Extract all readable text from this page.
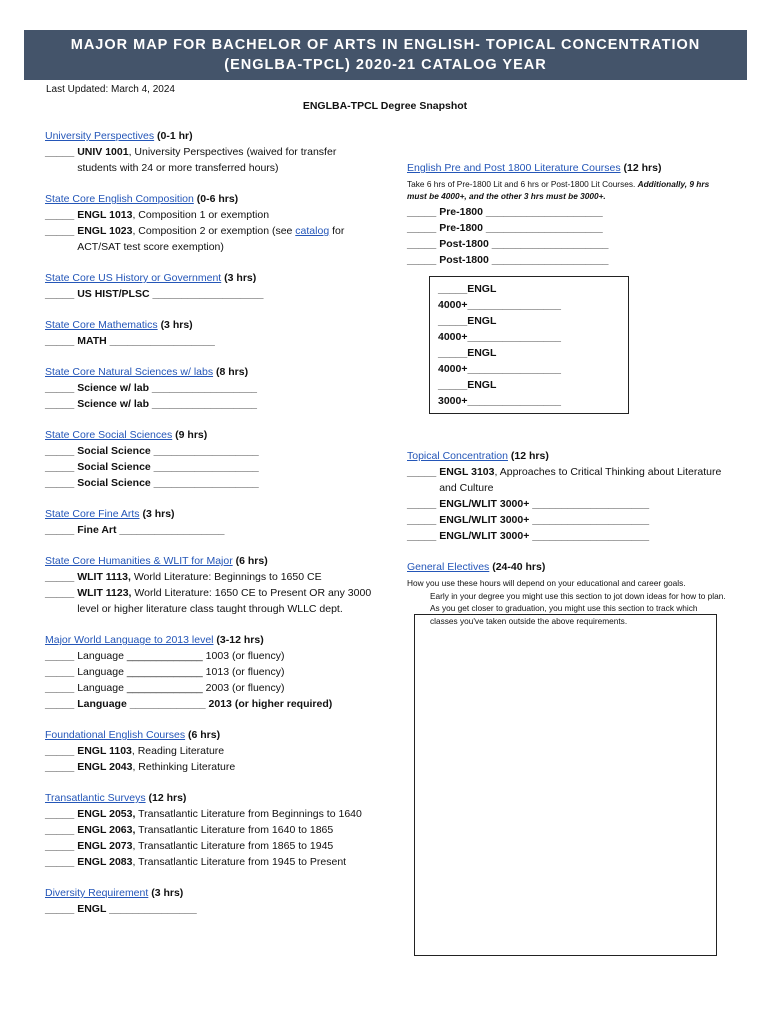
MAJOR MAP FOR BACHELOR OF ARTS IN ENGLISH- TOPICAL CONCENTRATION
(ENGLBA-TPCL) 2020-21 CATALOG YEAR
Last Updated: March 4, 2024
ENGLBA-TPCL Degree Snapshot
University Perspectives (0-1 hr)
_____ UNIV 1001, University Perspectives (waived for transfer students with 24 or more transferred hours)
State Core English Composition (0-6 hrs)
_____ ENGL 1013, Composition 1 or exemption
_____ ENGL 1023, Composition 2 or exemption (see catalog for ACT/SAT test score exemption)
State Core US History or Government (3 hrs)
_____ US HIST/PLSC ___________________
State Core Mathematics (3 hrs)
_____ MATH __________________
State Core Natural Sciences w/ labs (8 hrs)
_____ Science w/ lab __________________
_____ Science w/ lab __________________
State Core Social Sciences (9 hrs)
_____ Social Science __________________
_____ Social Science __________________
_____ Social Science __________________
State Core Fine Arts (3 hrs)
_____ Fine Art __________________
State Core Humanities & WLIT for Major (6 hrs)
_____ WLIT 1113, World Literature: Beginnings to 1650 CE
_____ WLIT 1123, World Literature: 1650 CE to Present OR any 3000 level or higher literature class taught through WLLC dept.
Major World Language to 2013 level (3-12 hrs)
_____ Language _____________ 1003 (or fluency)
_____ Language _____________ 1013 (or fluency)
_____ Language _____________ 2003 (or fluency)
_____ Language _____________ 2013 (or higher required)
Foundational English Courses (6 hrs)
_____ ENGL 1103, Reading Literature
_____ ENGL 2043, Rethinking Literature
Transatlantic Surveys (12 hrs)
_____ ENGL 2053, Transatlantic Literature from Beginnings to 1640
_____ ENGL 2063, Transatlantic Literature from 1640 to 1865
_____ ENGL 2073, Transatlantic Literature from 1865 to 1945
_____ ENGL 2083, Transatlantic Literature from 1945 to Present
Diversity Requirement (3 hrs)
_____ ENGL _______________
English Pre and Post 1800 Literature Courses (12 hrs)
Take 6 hrs of Pre-1800 Lit and 6 hrs or Post-1800 Lit Courses. Additionally, 9 hrs must be 4000+, and the other 3 hrs must be 3000+.
_____ Pre-1800 ____________________
_____ Pre-1800 ____________________
_____ Post-1800 ____________________
_____ Post-1800 ____________________
_____ENGL 4000+________________
_____ENGL 4000+________________
_____ENGL 4000+________________
_____ENGL 3000+________________
Topical Concentration (12 hrs)
_____ ENGL 3103, Approaches to Critical Thinking about Literature and Culture
_____ ENGL/WLIT 3000+ ____________________
_____ ENGL/WLIT 3000+ ____________________
_____ ENGL/WLIT 3000+ ____________________
General Electives (24-40 hrs)
How you use these hours will depend on your educational and career goals.
Early in your degree you might use this section to jot down ideas for how to plan. As you get closer to graduation, you might use this section to track which classes you've taken outside the above requirements.
